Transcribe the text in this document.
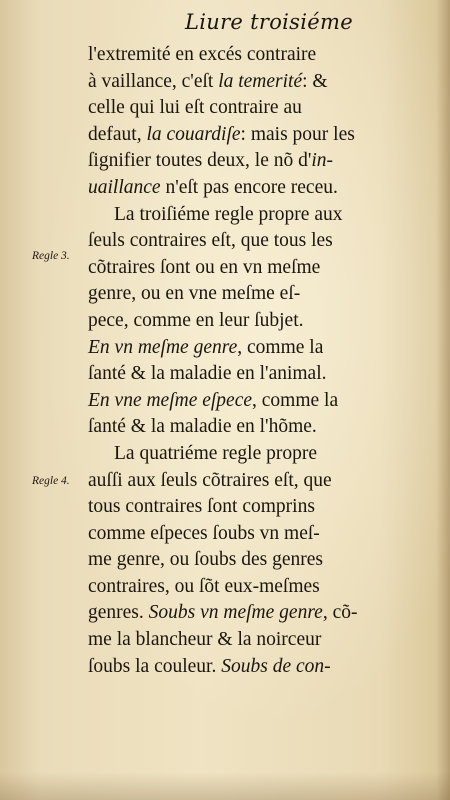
Liure troisiéme
Regle 3.
Regle 4.
l'extremité en excés contraire
à vaillance, c'eſt la temerité: &
celle qui lui eſt contraire au
defaut, la couardiſe: mais pour les
ſignifier toutes deux, le nõ d'in-
uaillance n'eſt pas encore receu.
La troiſiéme regle propre aux
ſeuls contraires eſt, que tous les
cõtraires ſont ou en vn meſme
genre, ou en vne meſme eſ-
pece, comme en leur ſubjet.
En vn meſme genre, comme la
ſanté & la maladie en l'animal.
En vne meſme eſpece, comme la
ſanté & la maladie en l'hõme.
La quatriéme regle propre
auſſi aux ſeuls cõtraires eſt, que
tous contraires ſont comprins
comme eſpeces ſoubs vn meſ-
me genre, ou ſoubs des genres
contraires, ou ſõt eux-meſmes
genres. Soubs vn meſme genre, cõ-
me la blancheur & la noirceur
ſoubs la couleur. Soubs de con-
